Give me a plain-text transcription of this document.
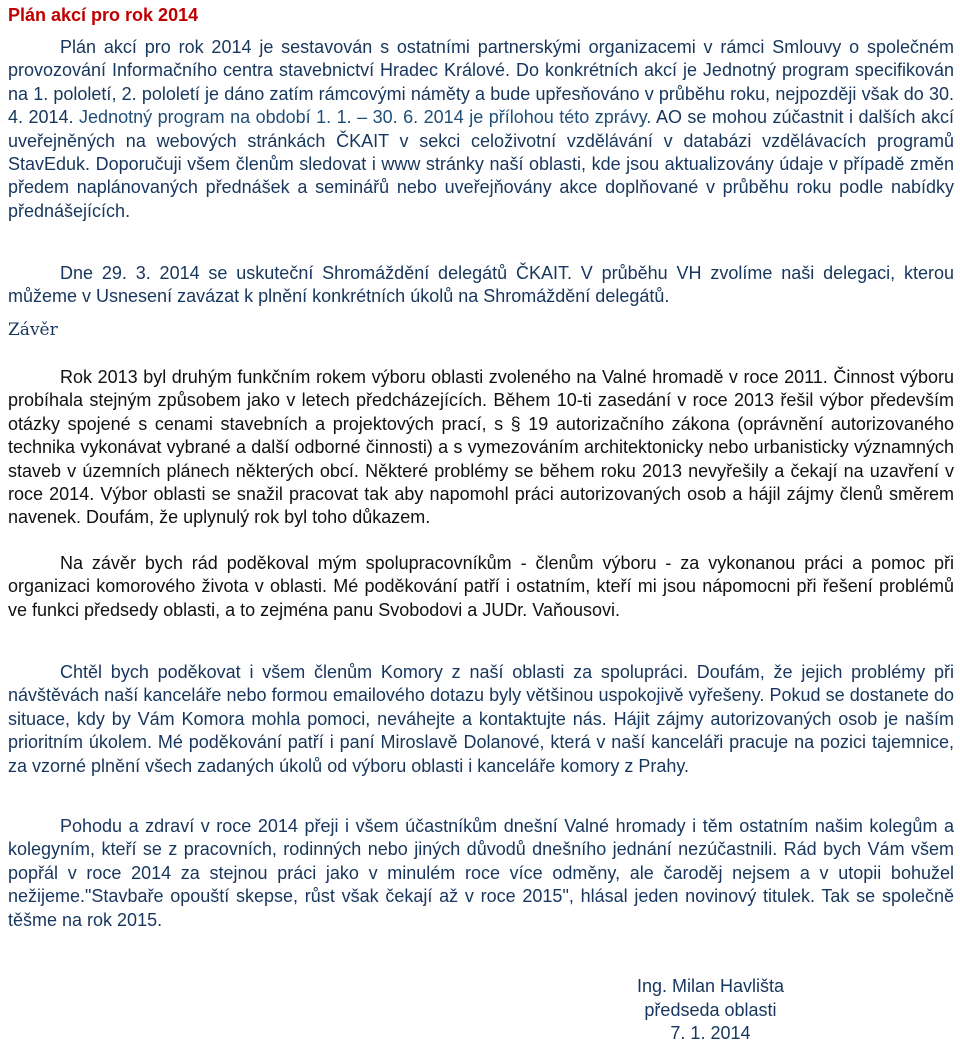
Plán akcí pro rok 2014

Plán akcí pro rok 2014 je sestavován s ostatními partnerskými organizacemi v rámci Smlouvy o společném provozování Informačního centra stavebnictví Hradec Králové. Do konkrétních akcí je Jednotný program specifikován na 1. pololetí, 2. pololetí je dáno zatím rámcovými náměty a bude upřesňováno v průběhu roku, nejpozději však do 30. 4. 2014. Jednotný program na období 1. 1. – 30. 6. 2014 je přílohou této zprávy. AO se mohou zúčastnit i dalších akcí uveřejněných na webových stránkách ČKAIT v sekci celoživotní vzdělávání v databázi vzdělávacích programů StavEduk. Doporučuji všem členům sledovat i www stránky naší oblasti, kde jsou aktualizovány údaje v případě změn předem naplánovaných přednášek a seminářů nebo uveřejňovány akce doplňované v průběhu roku podle nabídky přednášejících.

Dne 29. 3. 2014 se uskuteční Shromáždění delegátů ČKAIT. V průběhu VH zvolíme naši delegaci, kterou můžeme v Usnesení zavázat k plnění konkrétních úkolů na Shromáždění delegátů.

Závěr

Rok 2013 byl druhým funkčním rokem výboru oblasti zvoleného na Valné hromadě v roce 2011. Činnost výboru probíhala stejným způsobem jako v letech předcházejících. Během 10-ti zasedání v roce 2013 řešil výbor především otázky spojené s cenami stavebních a projektových prací, s § 19 autorizačního zákona (oprávnění autorizovaného technika vykonávat vybrané a další odborné činnosti) a s vymezováním architektonicky nebo urbanisticky významných staveb v územních plánech některých obcí. Některé problémy se během roku 2013 nevyřešily a čekají na uzavření v roce 2014. Výbor oblasti se snažil pracovat tak aby napomohl práci autorizovaných osob a hájil zájmy členů směrem navenek. Doufám, že uplynulý rok byl toho důkazem.

Na závěr bych rád poděkoval mým spolupracovníkům - členům výboru - za vykonanou práci a pomoc při organizaci komorového života v oblasti. Mé poděkování patří i ostatním, kteří mi jsou nápomocni při řešení problémů ve funkci předsedy oblasti, a to zejména panu Svobodovi a JUDr. Vaňousovi.

Chtěl bych poděkovat i všem členům Komory z naší oblasti za spolupráci. Doufám, že jejich problémy při návštěvách naší kanceláře nebo formou emailového dotazu byly většinou uspokojivě vyřešeny. Pokud se dostanete do situace, kdy by Vám Komora mohla pomoci, neváhejte a kontaktujte nás. Hájit zájmy autorizovaných osob je naším prioritním úkolem. Mé poděkování patří i paní Miroslavě Dolanové, která v naší kanceláři pracuje na pozici tajemnice, za vzorné plnění všech zadaných úkolů od výboru oblasti i kanceláře komory z Prahy.

Pohodu a zdraví v roce 2014 přeji i všem účastníkům dnešní Valné hromady i těm ostatním našim kolegům a kolegyním, kteří se z pracovních, rodinných nebo jiných důvodů dnešního jednání nezúčastnili. Rád bych Vám všem popřál v roce 2014 za stejnou práci jako v minulém roce více odměny, ale čaroděj nejsem a v utopii bohužel nežijeme."Stavbaře opouští skepse, růst však čekají až v roce 2015", hlásal jeden novinový titulek. Tak se společně těšme na rok 2015.

Ing. Milan Havlišta
předseda oblasti
7. 1. 2014
